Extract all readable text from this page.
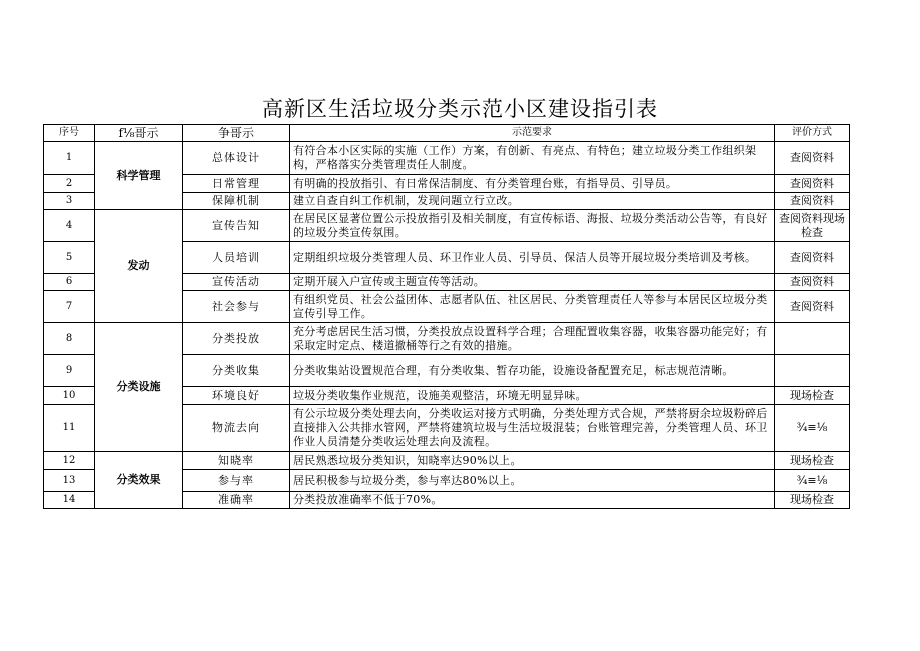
高新区生活垃圾分类示范小区建设指引表
序号	f⅛哥示	争哥示	示范要求	评价方式
1	科学管理	总体设计	有符合本小区实际的实施（工作）方案，有创新、有亮点、有特色；建立垃圾分类工作组织架构，严格落实分类管理责任人制度。	查阅资料
2		日常管理	有明确的投放指引、有日常保洁制度、有分类管理台账，有指导员、引导员。	查阅资料
3		保障机制	建立自查自纠工作机制，发现问题立行立改。	查阅资料
4	发动	宣传告知	在居民区显著位置公示投放指引及相关制度，有宣传标语、海报、垃圾分类活动公告等，有良好的垃圾分类宣传氛围。	查阅资料现场检查
5		人员培训	定期组织垃圾分类管理人员、环卫作业人员、引导员、保洁人员等开展垃圾分类培训及考核。	查阅资料
6		宣传活动	定期开展入户宣传或主题宣传等活动。	查阅资料
7		社会参与	有组织党员、社会公益团体、志愿者队伍、社区居民、分类管理责任人等参与本居民区垃圾分类宣传引导工作。	查阅资料
8	分类设施	分类投放	充分考虑居民生活习惯，分类投放点设置科学合理；合理配置收集容器，收集容器功能完好；有采取定时定点、楼道撤桶等行之有效的措施。	
9		分类收集	分类收集站设置规范合理，有分类收集、暂存功能，设施设备配置充足，标志规范清晰。	
10		环境良好	垃圾分类收集作业规范，设施美观整洁，环境无明显异味。	现场检查
11		物流去向	有公示垃圾分类处理去向，分类收运对接方式明确，分类处理方式合规，严禁将厨余垃圾粉碎后直接排入公共排水管网，严禁将建筑垃圾与生活垃圾混装；台账管理完善，分类管理人员、环卫作业人员清楚分类收运处理去向及流程。	¾≡⅛
12	分类效果	知晓率	居民熟悉垃圾分类知识，知晓率达90%以上。	现场检查
13		参与率	居民积极参与垃圾分类，参与率达80%以上。	¾≡⅛
14		准确率	分类投放准确率不低于70%。	现场检查
